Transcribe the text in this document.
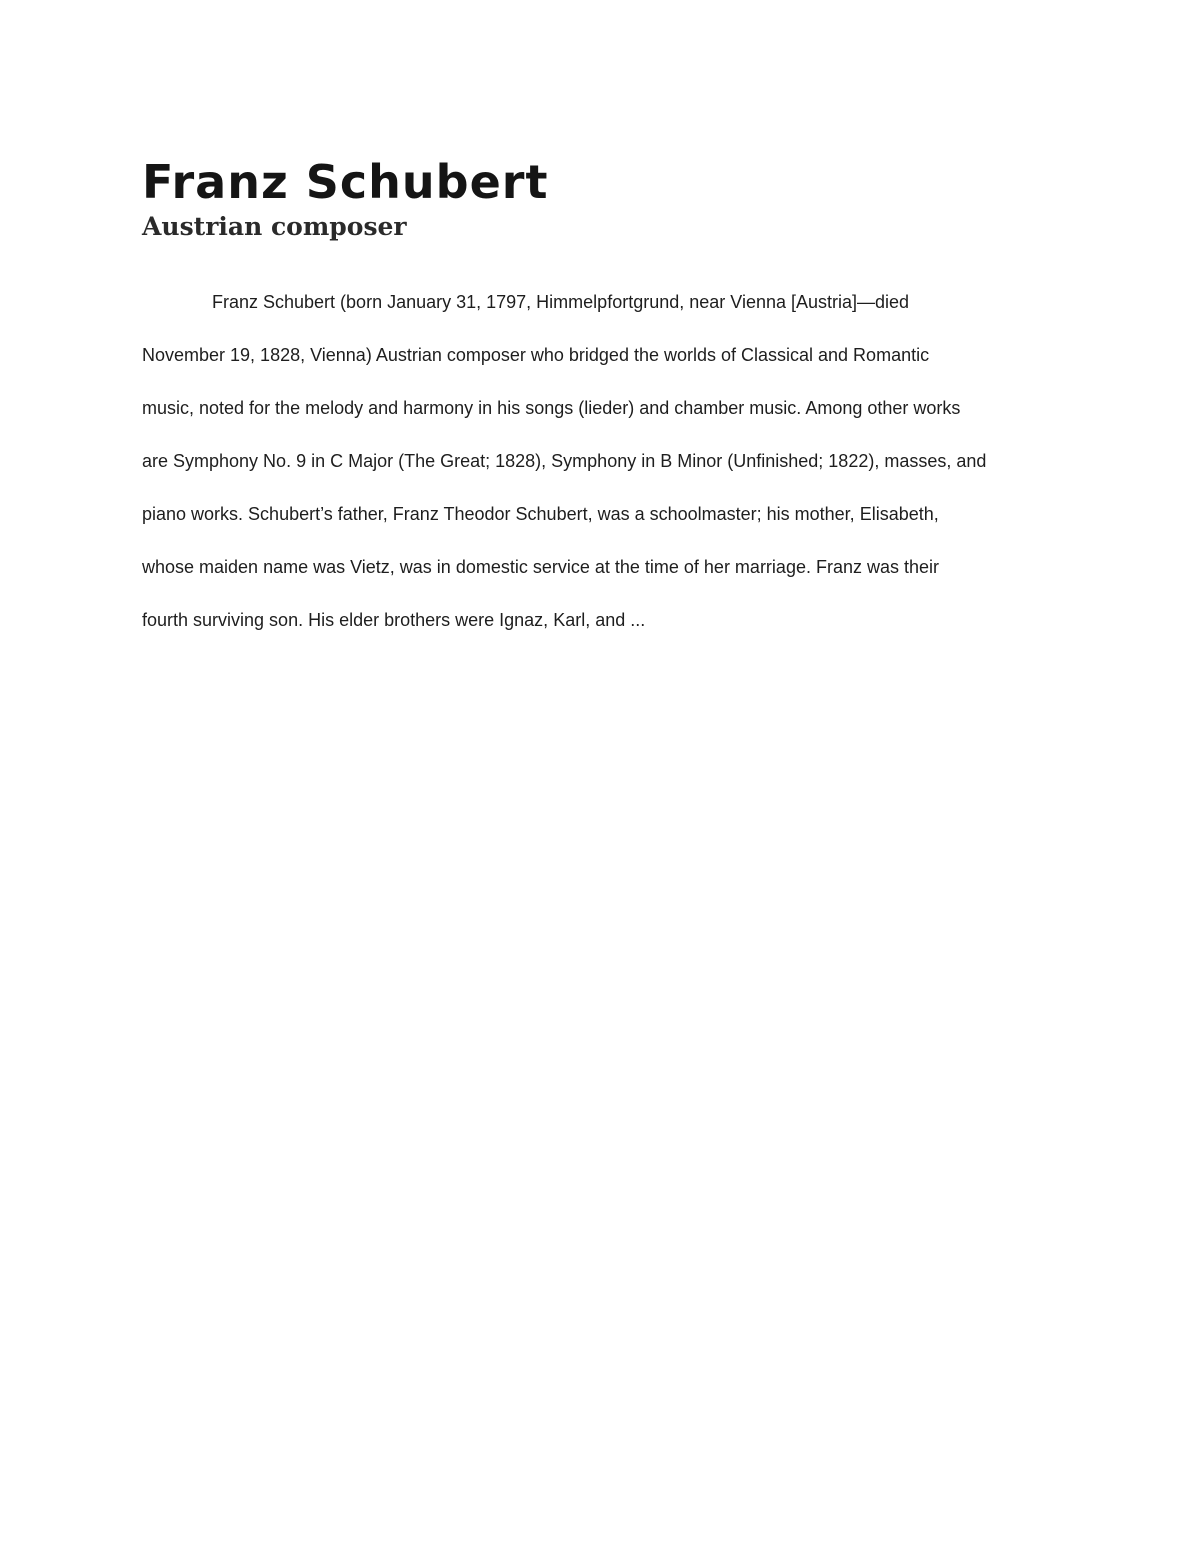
Franz Schubert
Austrian composer

Franz Schubert (born January 31, 1797, Himmelpfortgrund, near Vienna [Austria]—died
November 19, 1828, Vienna) Austrian composer who bridged the worlds of Classical and Romantic
music, noted for the melody and harmony in his songs (lieder) and chamber music. Among other works
are Symphony No. 9 in C Major (The Great; 1828), Symphony in B Minor (Unfinished; 1822), masses, and
piano works. Schubert’s father, Franz Theodor Schubert, was a schoolmaster; his mother, Elisabeth,
whose maiden name was Vietz, was in domestic service at the time of her marriage. Franz was their
fourth surviving son. His elder brothers were Ignaz, Karl, and ...
